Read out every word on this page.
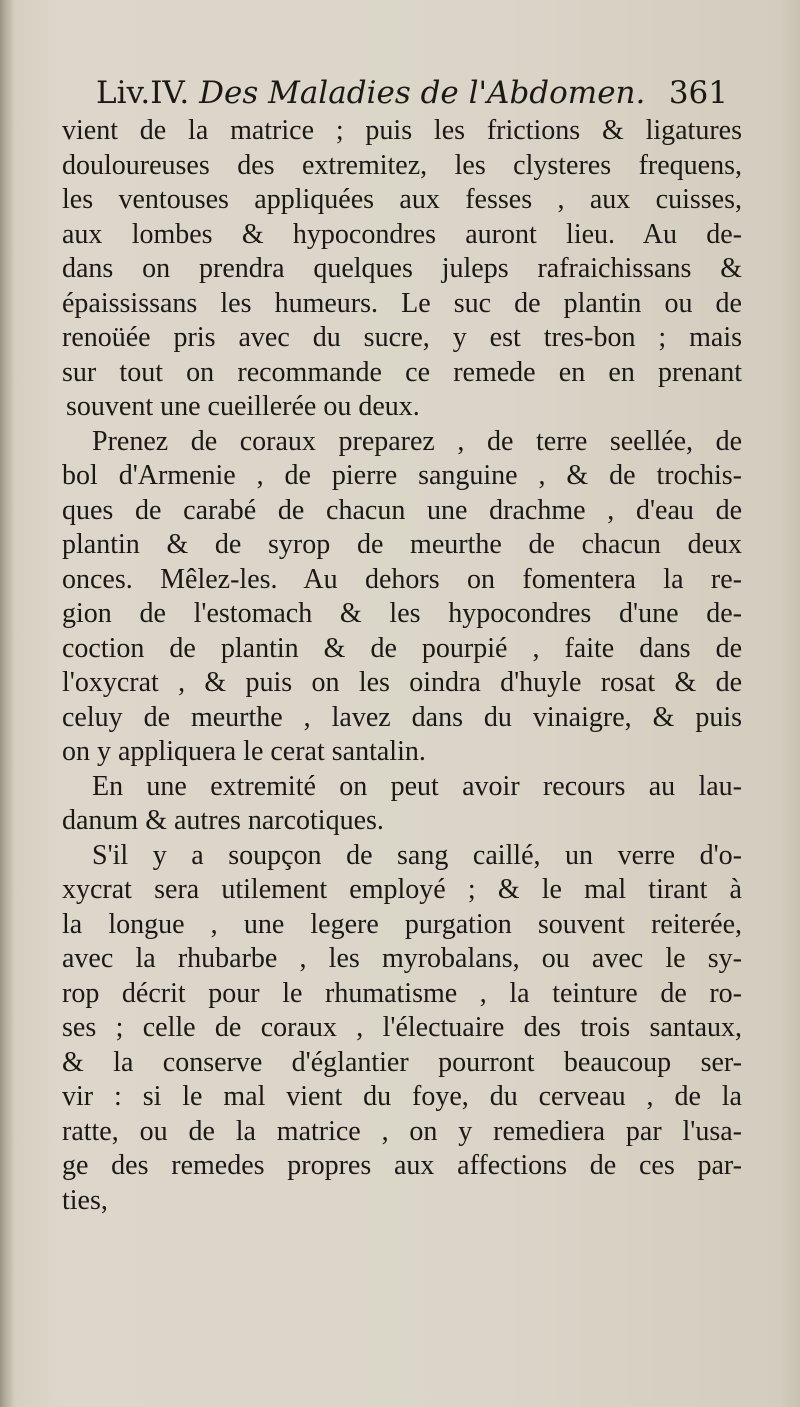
Liv.IV. Des Maladies de l'Abdomen. 361
vient de la matrice ; puis les frictions & ligatures
douloureuses des extremitez, les clysteres frequens,
les ventouses appliquées aux fesses , aux cuisses,
aux lombes & hypocondres auront lieu. Au de-
dans on prendra quelques juleps rafraichissans &
épaississans les humeurs. Le suc de plantin ou de
renoüée pris avec du sucre, y est tres-bon ; mais
sur tout on recommande ce remede en en prenant
souvent une cueillerée ou deux.
Prenez de coraux preparez , de terre seellée, de
bol d'Armenie , de pierre sanguine , & de trochis-
ques de carabé de chacun une drachme , d'eau de
plantin & de syrop de meurthe de chacun deux
onces. Mêlez-les. Au dehors on fomentera la re-
gion de l'estomach & les hypocondres d'une de-
coction de plantin & de pourpié , faite dans de
l'oxycrat , & puis on les oindra d'huyle rosat & de
celuy de meurthe , lavez dans du vinaigre, & puis
on y appliquera le cerat santalin.
En une extremité on peut avoir recours au lau-
danum & autres narcotiques.
S'il y a soupçon de sang caillé, un verre d'o-
xycrat sera utilement employé ; & le mal tirant à
la longue , une legere purgation souvent reiterée,
avec la rhubarbe , les myrobalans, ou avec le sy-
rop décrit pour le rhumatisme , la teinture de ro-
ses ; celle de coraux , l'électuaire des trois santaux,
& la conserve d'églantier pourront beaucoup ser-
vir : si le mal vient du foye, du cerveau , de la
ratte, ou de la matrice , on y remediera par l'usa-
ge des remedes propres aux affections de ces par-
ties,
